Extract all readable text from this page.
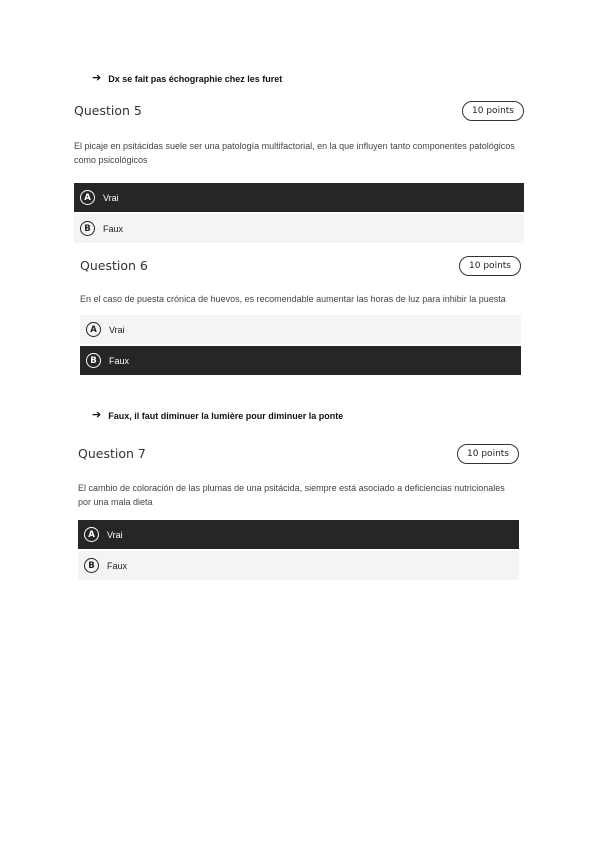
➔ Dx se fait pas échographie chez les furet
Question 5	10 points
El picaje en psitácidas suele ser una patología multifactorial, en la que influyen tanto componentes patológicos como psicológicos
A	Vrai
B	Faux
Question 6	10 points
En el caso de puesta crónica de huevos, es recomendable aumentar las horas de luz para inhibir la puesta
A	Vrai
B	Faux
➔ Faux, il faut diminuer la lumière pour diminuer la ponte
Question 7	10 points
El cambio de coloración de las plumas de una psitácida, siempre está asociado a deficiencias nutricionales por una mala dieta
A	Vrai
B	Faux
